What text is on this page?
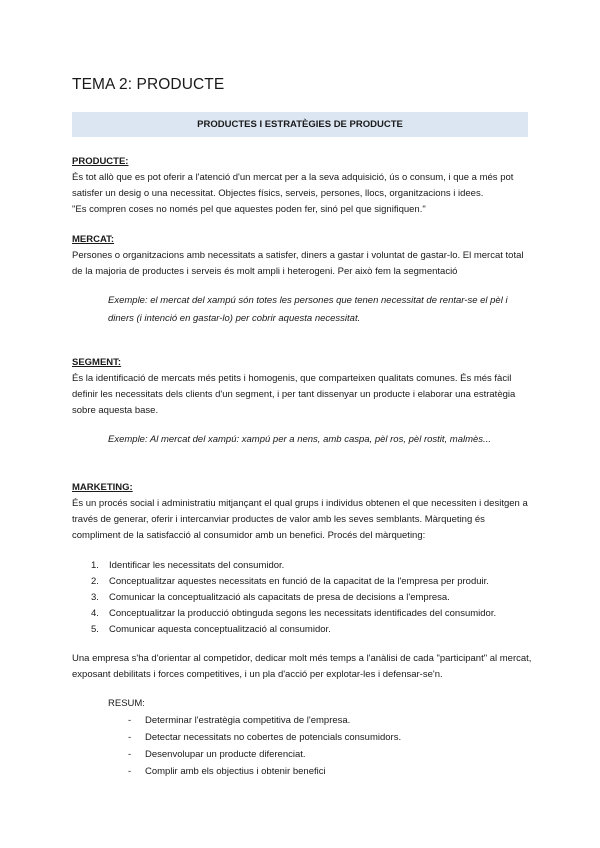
TEMA 2: PRODUCTE
PRODUCTES I ESTRATÈGIES DE PRODUCTE

PRODUCTE:

És tot allò que es pot oferir a l'atenció d'un mercat per a la seva adquisició, ús o consum, i que a més pot satisfer un desig o una necessitat. Objectes físics, serveis, persones, llocs, organitzacions i idees.

"Es compren coses no només pel que aquestes poden fer, sinó pel que signifiquen."

MERCAT:

Persones o organitzacions amb necessitats a satisfer, diners a gastar i voluntat de gastar-lo. El mercat total de la majoria de productes i serveis és molt ampli i heterogeni. Per això fem la segmentació

Exemple: el mercat del xampú són totes les persones que tenen necessitat de rentar-se el pèl i diners (i intenció en gastar-lo) per cobrir aquesta necessitat.

SEGMENT:

És la identificació de mercats més petits i homogenis, que comparteixen qualitats comunes. És més fàcil definir les necessitats dels clients d'un segment, i per tant dissenyar un producte i elaborar una estratègia sobre aquesta base.

Exemple: Al mercat del xampú: xampú per a nens, amb caspa, pèl ros, pèl rostit, malmès...

MARKETING:

És un procés social i administratiu mitjançant el qual grups i individus obtenen el que necessiten i desitgen a través de generar, oferir i intercanviar productes de valor amb les seves semblants. Màrqueting és compliment de la satisfacció al consumidor amb un benefici. Procés del màrqueting:

1. Identificar les necessitats del consumidor.
2. Conceptualitzar aquestes necessitats en funció de la capacitat de la l'empresa per produir.
3. Comunicar la conceptualització als capacitats de presa de decisions a l'empresa.
4. Conceptualitzar la producció obtinguda segons les necessitats identificades del consumidor.
5. Comunicar aquesta conceptualització al consumidor.

Una empresa s'ha d'orientar al competidor, dedicar molt més temps a l'anàlisi de cada "participant" al mercat, exposant debilitats i forces competitives, i un pla d'acció per explotar-les i defensar-se'n.

RESUM:
- Determinar l'estratègia competitiva de l'empresa.
- Detectar necessitats no cobertes de potencials consumidors.
- Desenvolupar un producte diferenciat.
- Complir amb els objectius i obtenir benefici
